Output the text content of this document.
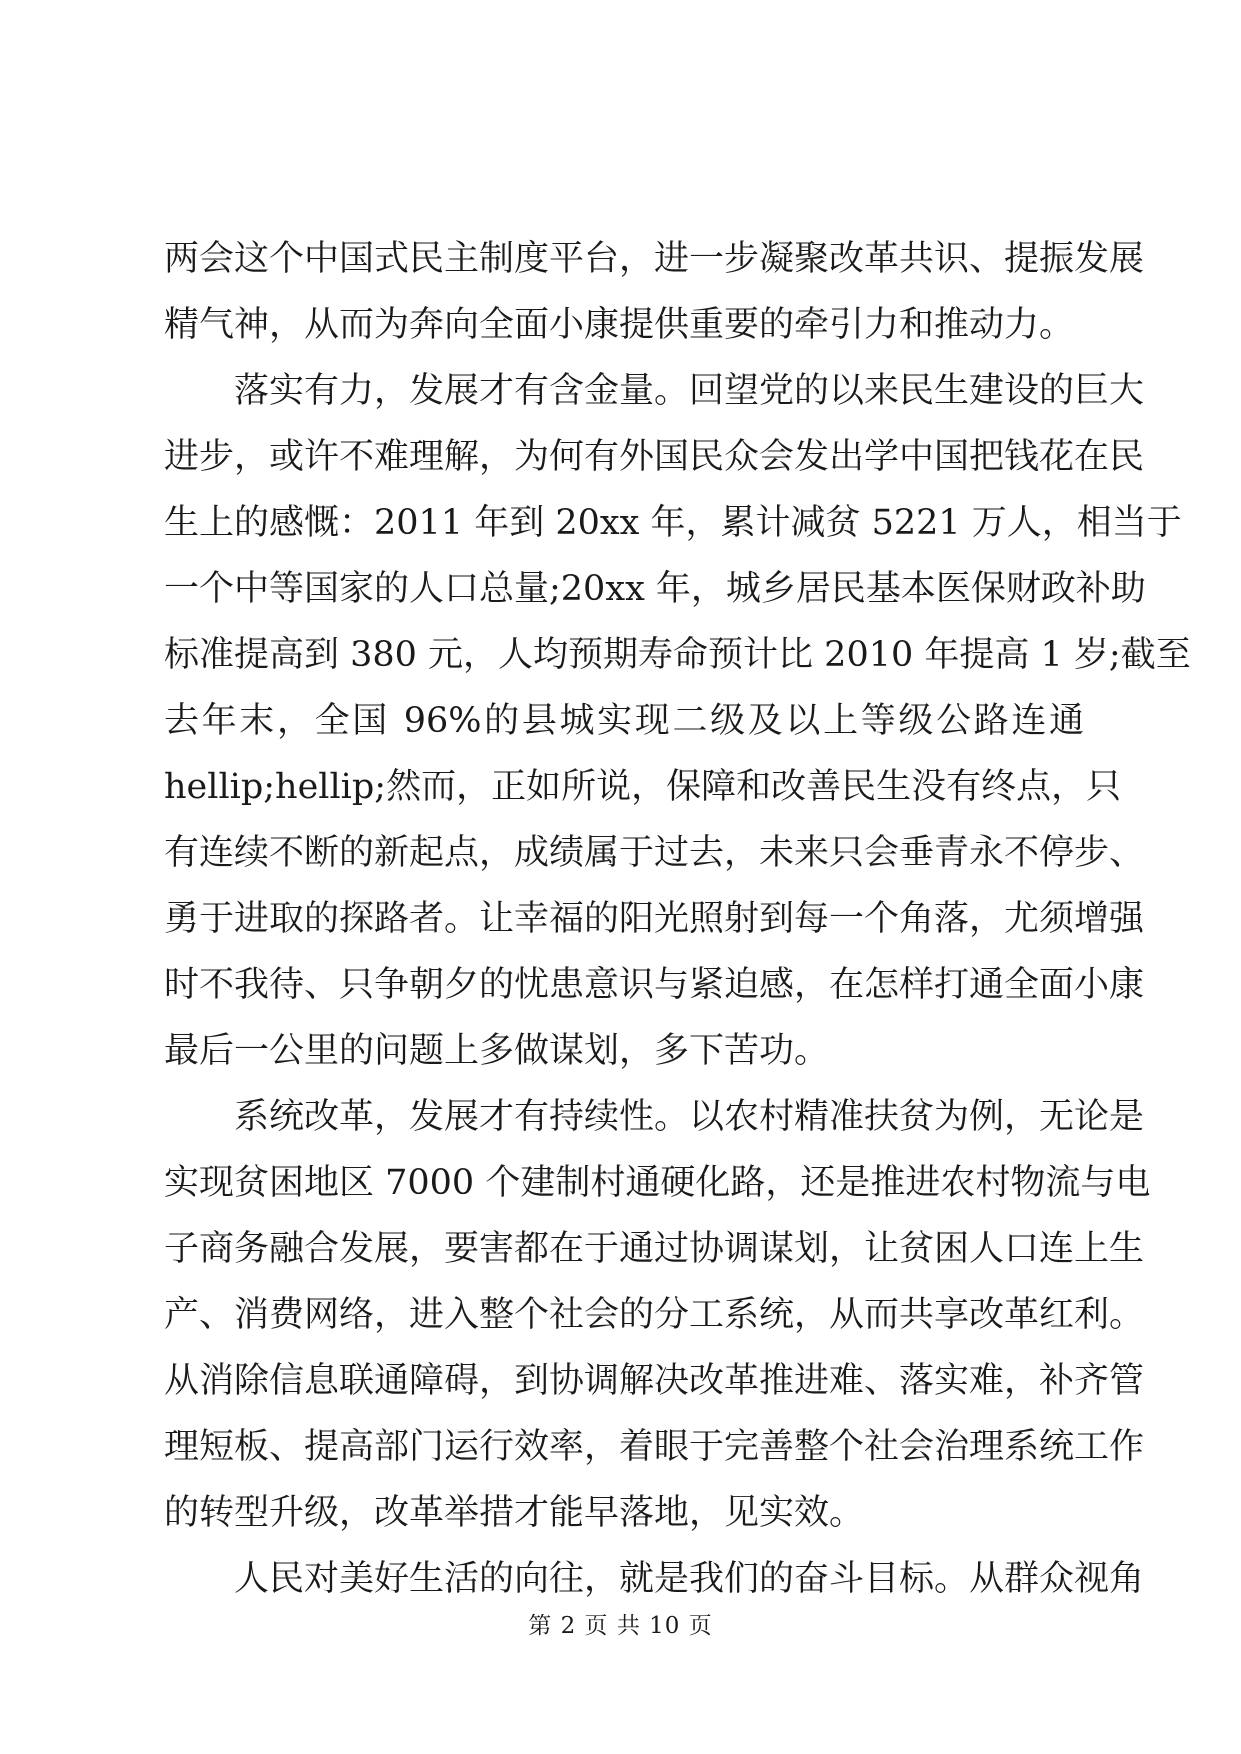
两会这个中国式民主制度平台，进一步凝聚改革共识、提振发展
精气神，从而为奔向全面小康提供重要的牵引力和推动力。
落实有力，发展才有含金量。回望党的以来民生建设的巨大
进步，或许不难理解，为何有外国民众会发出学中国把钱花在民
生上的感慨：2011 年到 20xx 年，累计减贫 5221 万人，相当于
一个中等国家的人口总量;20xx 年，城乡居民基本医保财政补助
标准提高到 380 元，人均预期寿命预计比 2010 年提高 1 岁;截至
去年末，全国 96%的县城实现二级及以上等级公路连通
hellip;hellip;然而，正如所说，保障和改善民生没有终点，只
有连续不断的新起点，成绩属于过去，未来只会垂青永不停步、
勇于进取的探路者。让幸福的阳光照射到每一个角落，尤须增强
时不我待、只争朝夕的忧患意识与紧迫感，在怎样打通全面小康
最后一公里的问题上多做谋划，多下苦功。
系统改革，发展才有持续性。以农村精准扶贫为例，无论是
实现贫困地区 7000 个建制村通硬化路，还是推进农村物流与电
子商务融合发展，要害都在于通过协调谋划，让贫困人口连上生
产、消费网络，进入整个社会的分工系统，从而共享改革红利。
从消除信息联通障碍，到协调解决改革推进难、落实难，补齐管
理短板、提高部门运行效率，着眼于完善整个社会治理系统工作
的转型升级，改革举措才能早落地，见实效。
人民对美好生活的向往，就是我们的奋斗目标。从群众视角
第 2 页 共 10 页
